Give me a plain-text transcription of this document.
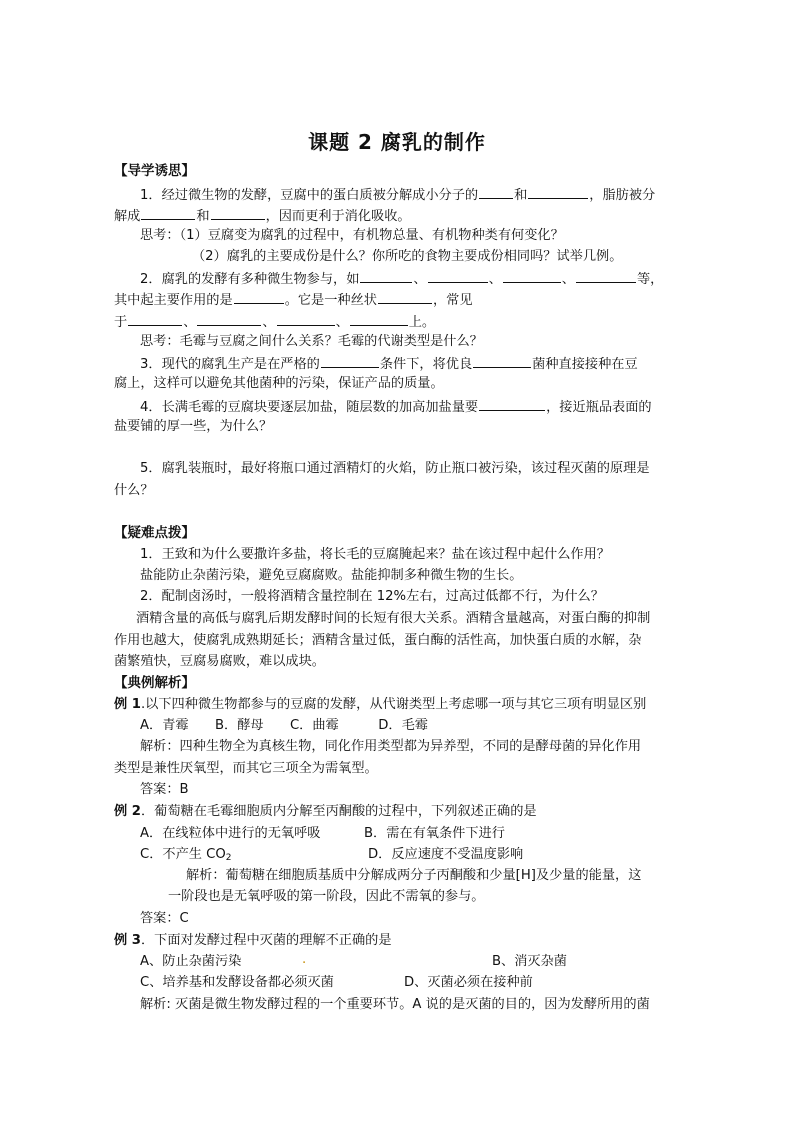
课题 2 腐乳的制作
【导学诱思】
1．经过微生物的发酵，豆腐中的蛋白质被分解成小分子的	和	，脂肪被分
解成	和	，因而更利于消化吸收。
思考：（1）豆腐变为腐乳的过程中，有机物总量、有机物种类有何变化？
（2）腐乳的主要成份是什么？你所吃的食物主要成份相同吗？试举几例。
2．腐乳的发酵有多种微生物参与，如	、	、	、	等，
其中起主要作用的是	。它是一种丝状	，常见
于	、	、	、	上。
思考：毛霉与豆腐之间什么关系？毛霉的代谢类型是什么？
3．现代的腐乳生产是在严格的	条件下，将优良	菌种直接接种在豆
腐上，这样可以避免其他菌种的污染，保证产品的质量。
4．长满毛霉的豆腐块要逐层加盐，随层数的加高加盐量要	，接近瓶品表面的
盐要铺的厚一些，为什么？
5．腐乳装瓶时，最好将瓶口通过酒精灯的火焰，防止瓶口被污染，该过程灭菌的原理是
什么？
【疑难点拨】
1．王致和为什么要撒许多盐，将长毛的豆腐腌起来？盐在该过程中起什么作用？
盐能防止杂菌污染，避免豆腐腐败。盐能抑制多种微生物的生长。
2．配制卤汤时，一般将酒精含量控制在 12%左右，过高过低都不行，为什么？
酒精含量的高低与腐乳后期发酵时间的长短有很大关系。酒精含量越高，对蛋白酶的抑制
作用也越大，使腐乳成熟期延长；酒精含量过低，蛋白酶的活性高，加快蛋白质的水解，杂
菌繁殖快，豆腐易腐败，难以成块。
【典例解析】
例 1.以下四种微生物都参与的豆腐的发酵，从代谢类型上考虑哪一项与其它三项有明显区别
A．青霉　　B．酵母　　C．曲霉　　　D．毛霉
解析：四种生物全为真核生物，同化作用类型都为异养型，不同的是酵母菌的异化作用
类型是兼性厌氧型，而其它三项全为需氧型。
答案：B
例 2．葡萄糖在毛霉细胞质内分解至丙酮酸的过程中，下列叙述正确的是
A．在线粒体中进行的无氧呼吸	B．需在有氧条件下进行
C．不产生 $CO_2$	D．反应速度不受温度影响
解析：葡萄糖在细胞质基质中分解成两分子丙酮酸和少量[H]及少量的能量，这
一阶段也是无氧呼吸的第一阶段，因此不需氧的参与。
答案：C
例 3．下面对发酵过程中灭菌的理解不正确的是
A、防止杂菌污染	.	B、消灭杂菌
C、培养基和发酵设备都必须灭菌	D、灭菌必须在接种前
解析: 灭菌是微生物发酵过程的一个重要环节。A 说的是灭菌的目的，因为发酵所用的菌
